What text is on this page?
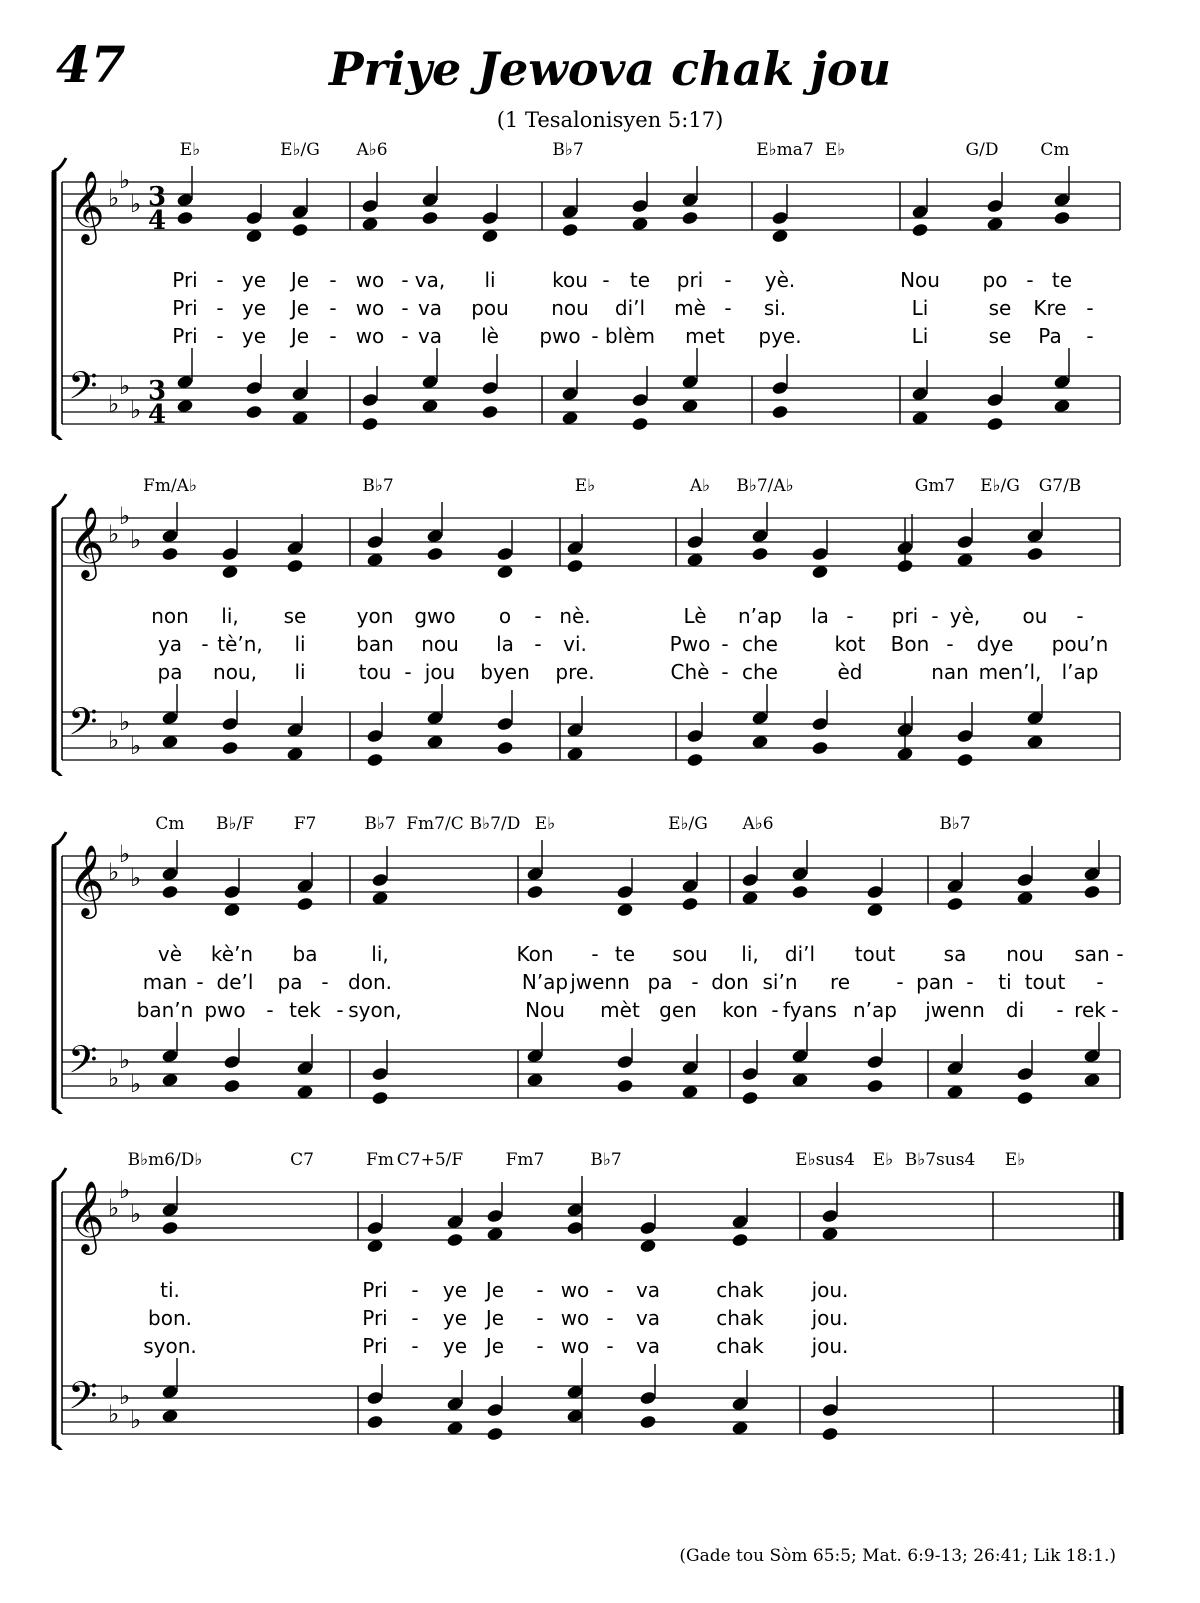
47	Priye Jewova chak jou
(1 Tesalonisyen 5:17)
𝄞 ♭
♭
♭ 3
4
𝄢 ♭
♭
♭
3
4
E♭	E♭/G A♭6	B♭7	E♭ma7 E♭	G/D Cm
Pri - ye Je - wo - va, li	kou - te pri - yè.	Nou po - te
Pri - ye Je - wo - va pou nou di’l mè - si.	Li	se Kre -
Pri - ye Je - wo - va lè pwo - blèm met pye.	Li	se Pa -
𝄞 ♭
♭
♭
𝄢 ♭
♭
♭
Fm/A♭	B♭7	E♭	A♭ B♭7/A♭	Gm7 E♭/G G7/B
non li, se	yon gwo o - nè.	Lè n’ap la - pri - yè, ou -
ya - tè’n, li	ban nou la - vi.	Pwo - che	kot Bon - dye pou’n
pa nou, li	tou - jou byen pre.	Chè - che	èd	nan men’l, l’ap
𝄞 ♭
♭
♭
𝄢 ♭
♭
♭
Cm B♭/F F7	B♭7 Fm7/C B♭7/D E♭	E♭/G A♭6	B♭7
vè kè’n ba	li,	Kon - te sou li, di’l tout sa nou san -
man - de’l pa - don.	N’ap jwenn pa - don si’n re - pan - ti tout -
ban’n pwo - tek - syon,	Nou mèt gen kon - fyans n’ap jwenn di - rek -
𝄞 ♭
♭
♭
𝄢 ♭
♭
♭
B♭m6/D♭	C7	Fm C7+5/F Fm7	B♭7	E♭sus4 E♭ B♭7sus4 E♭
ti.	Pri - ye Je - wo - va	chak jou.
bon.	Pri - ye Je - wo - va	chak jou.
syon.	Pri - ye Je - wo - va	chak jou.
(Gade tou Sòm 65:5; Mat. 6:9-13; 26:41; Lik 18:1.)
